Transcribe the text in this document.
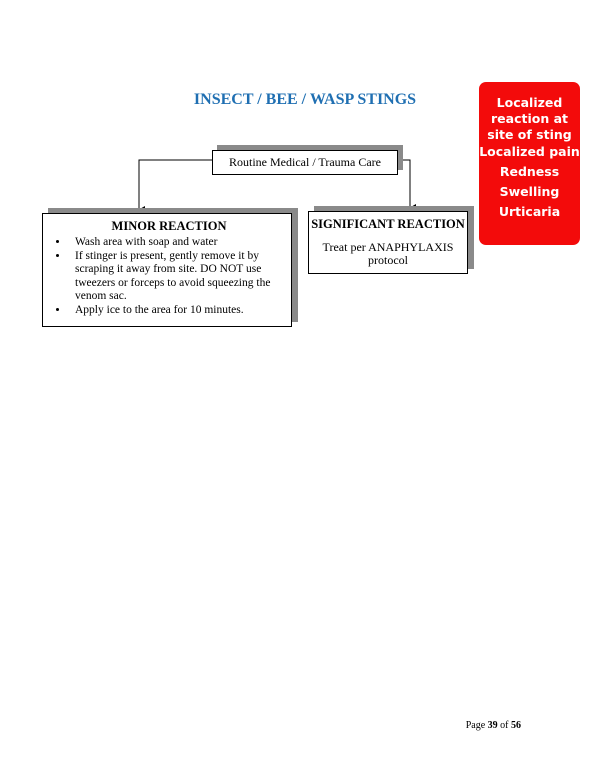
INSECT / BEE / WASP STINGS	Localized reaction at site of sting
Localized pain
Redness
Swelling
Urticaria
Routine Medical / Trauma Care

MINOR REACTION

• Wash area with soap and water
• If stinger is present, gently remove it by scraping it away from site. DO NOT use tweezers or forceps to avoid squeezing the venom sac.
• Apply ice to the area for 10 minutes.

SIGNIFICANT REACTION

Treat per ANAPHYLAXIS protocol
Page 39 of 56
